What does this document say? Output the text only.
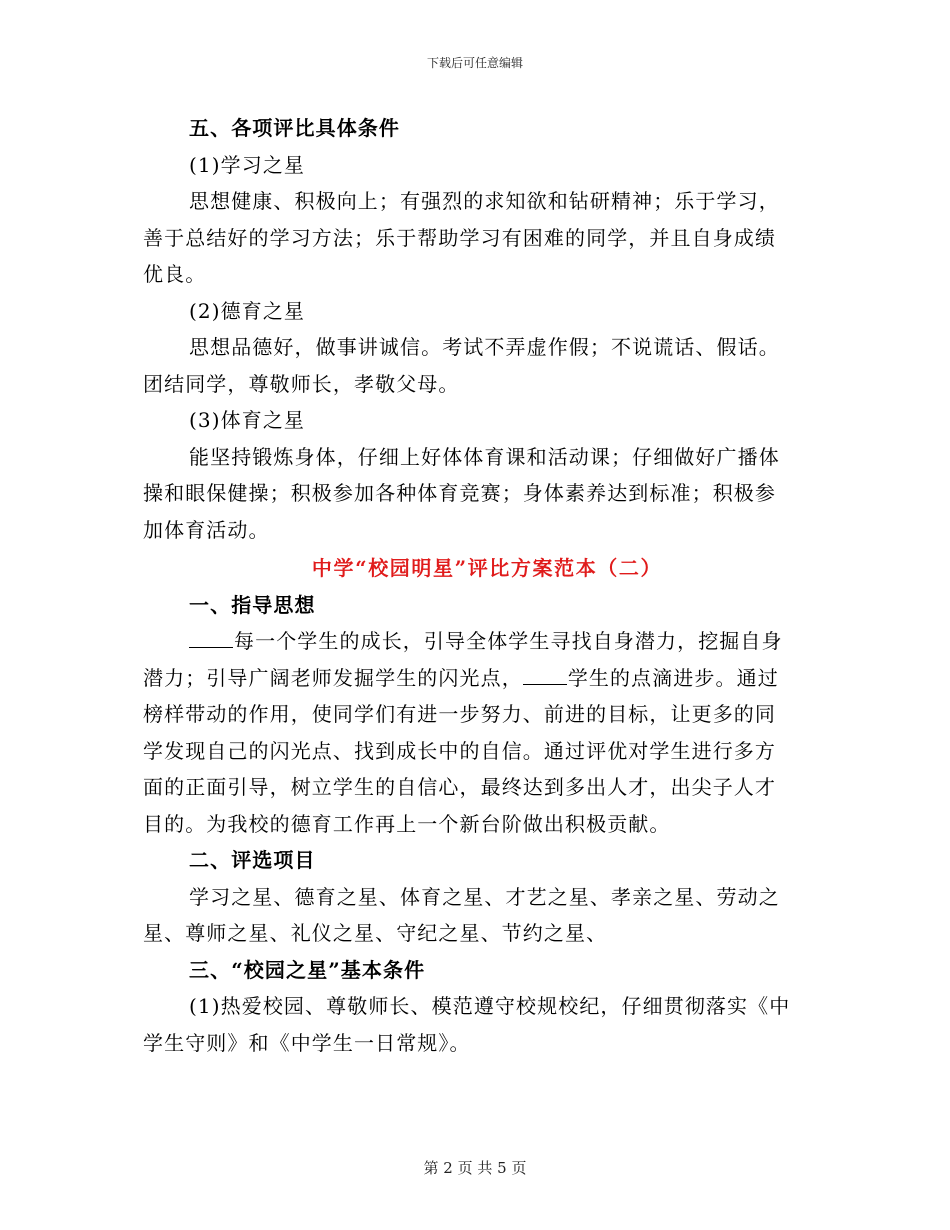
下载后可任意编辑
五、各项评比具体条件
(1)学习之星
思想健康、积极向上；有强烈的求知欲和钻研精神；乐于学习，
善于总结好的学习方法；乐于帮助学习有困难的同学，并且自身成绩
优良。
(2)德育之星
思想品德好，做事讲诚信。考试不弄虚作假；不说谎话、假话。
团结同学，尊敬师长，孝敬父母。
(3)体育之星
能坚持锻炼身体，仔细上好体体育课和活动课；仔细做好广播体
操和眼保健操；积极参加各种体育竞赛；身体素养达到标准；积极参
加体育活动。
中学“校园明星”评比方案范本（二）
一、指导思想
每一个学生的成长，引导全体学生寻找自身潜力，挖掘自身
潜力；引导广阔老师发掘学生的闪光点， 学生的点滴进步。通过
榜样带动的作用，使同学们有进一步努力、前进的目标，让更多的同
学发现自己的闪光点、找到成长中的自信。通过评优对学生进行多方
面的正面引导，树立学生的自信心，最终达到多出人才，出尖子人才
目的。为我校的德育工作再上一个新台阶做出积极贡献。
二、评选项目
学习之星、德育之星、体育之星、才艺之星、孝亲之星、劳动之
星、尊师之星、礼仪之星、守纪之星、节约之星、
三、“校园之星”基本条件
(1)热爱校园、尊敬师长、模范遵守校规校纪，仔细贯彻落实《中
学生守则》和《中学生一日常规》。
第 2 页 共 5 页
